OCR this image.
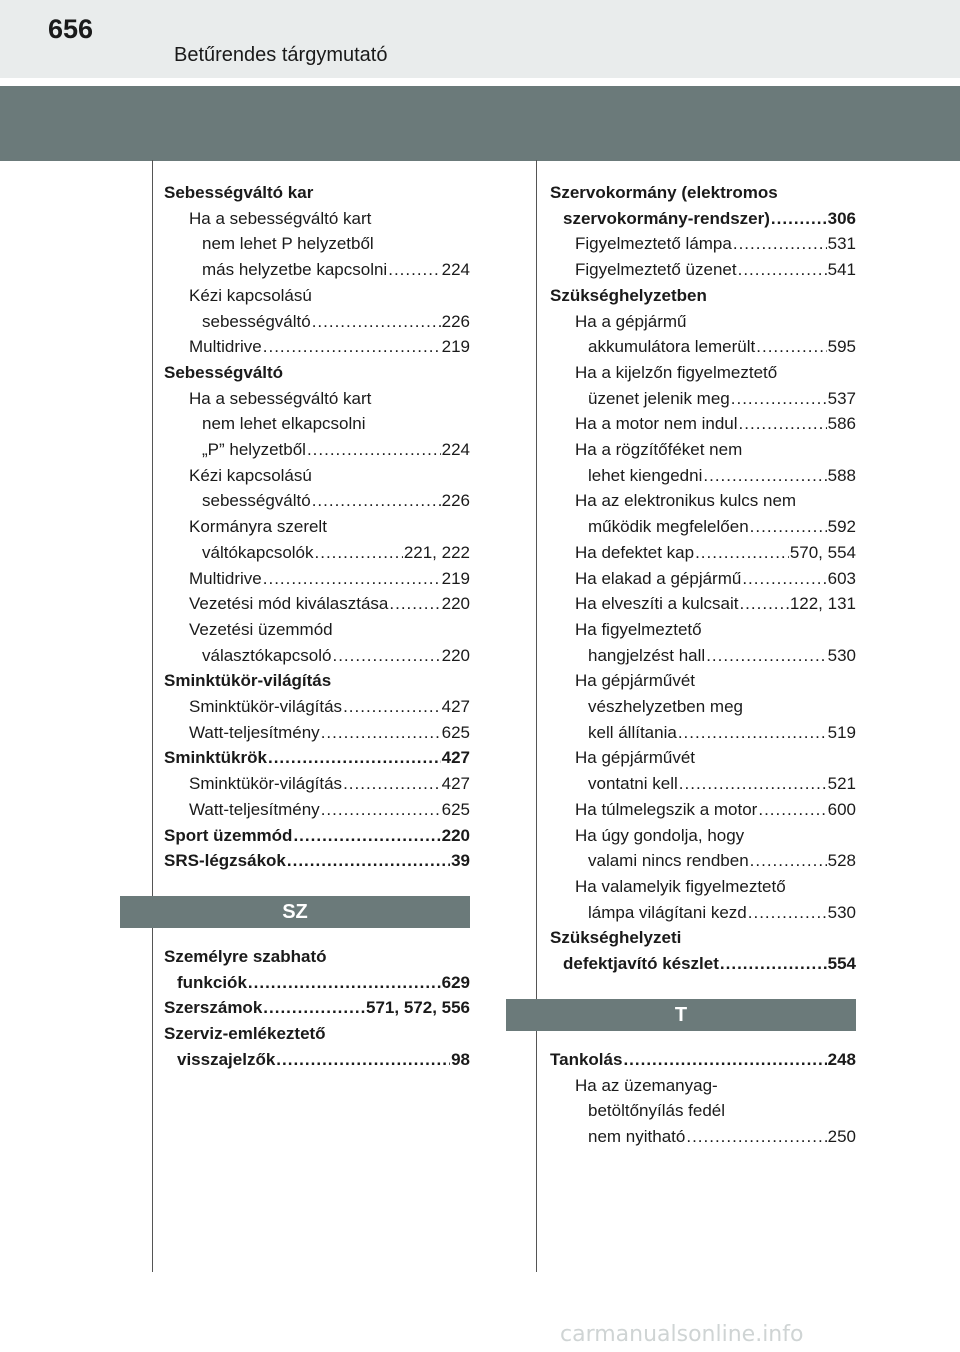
656
Betűrendes tárgymutató
Sebességváltó kar
Ha a sebességváltó kart
nem lehet P helyzetből
más helyzetbe kapcsolni .....	224
Kézi kapcsolású
sebességváltó .....	226
Multidrive .....	219
Sebességváltó
Ha a sebességváltó kart
nem lehet elkapcsolni
„P” helyzetből .....	224
Kézi kapcsolású
sebességváltó .....	226
Kormányra szerelt
váltókapcsolók .....	221, 222
Multidrive .....	219
Vezetési mód kiválasztása .....	220
Vezetési üzemmód
választókapcsoló .....	220
Sminktükör-világítás
Sminktükör-világítás .....	427
Watt-teljesítmény .....	625
Sminktükrök .....	427
Sminktükör-világítás .....	427
Watt-teljesítmény .....	625
Sport üzemmód .....	220
SRS-légzsákok .....	39
SZ
Személyre szabható
funkciók .....	629
Szerszámok .....	571, 572, 556
Szerviz-emlékeztető
visszajelzők .....	98
Szervokormány (elektromos
szervokormány-rendszer) .....	306
Figyelmeztető lámpa .....	531
Figyelmeztető üzenet .....	541
Szükséghelyzetben
Ha a gépjármű
akkumulátora lemerült .....	595
Ha a kijelzőn figyelmeztető
üzenet jelenik meg .....	537
Ha a motor nem indul .....	586
Ha a rögzítőféket nem
lehet kiengedni .....	588
Ha az elektronikus kulcs nem
működik megfelelően .....	592
Ha defektet kap .....	570, 554
Ha elakad a gépjármű .....	603
Ha elveszíti a kulcsait .....	122, 131
Ha figyelmeztető
hangjelzést hall .....	530
Ha gépjárművét
vészhelyzetben meg
kell állítania .....	519
Ha gépjárművét
vontatni kell .....	521
Ha túlmelegszik a motor .....	600
Ha úgy gondolja, hogy
valami nincs rendben .....	528
Ha valamelyik figyelmeztető
lámpa világítani kezd .....	530
Szükséghelyzeti
defektjavító készlet .....	554
T
Tankolás .....	248
Ha az üzemanyag-
betöltőnyílás fedél
nem nyitható .....	250
carmanualsonline.info
